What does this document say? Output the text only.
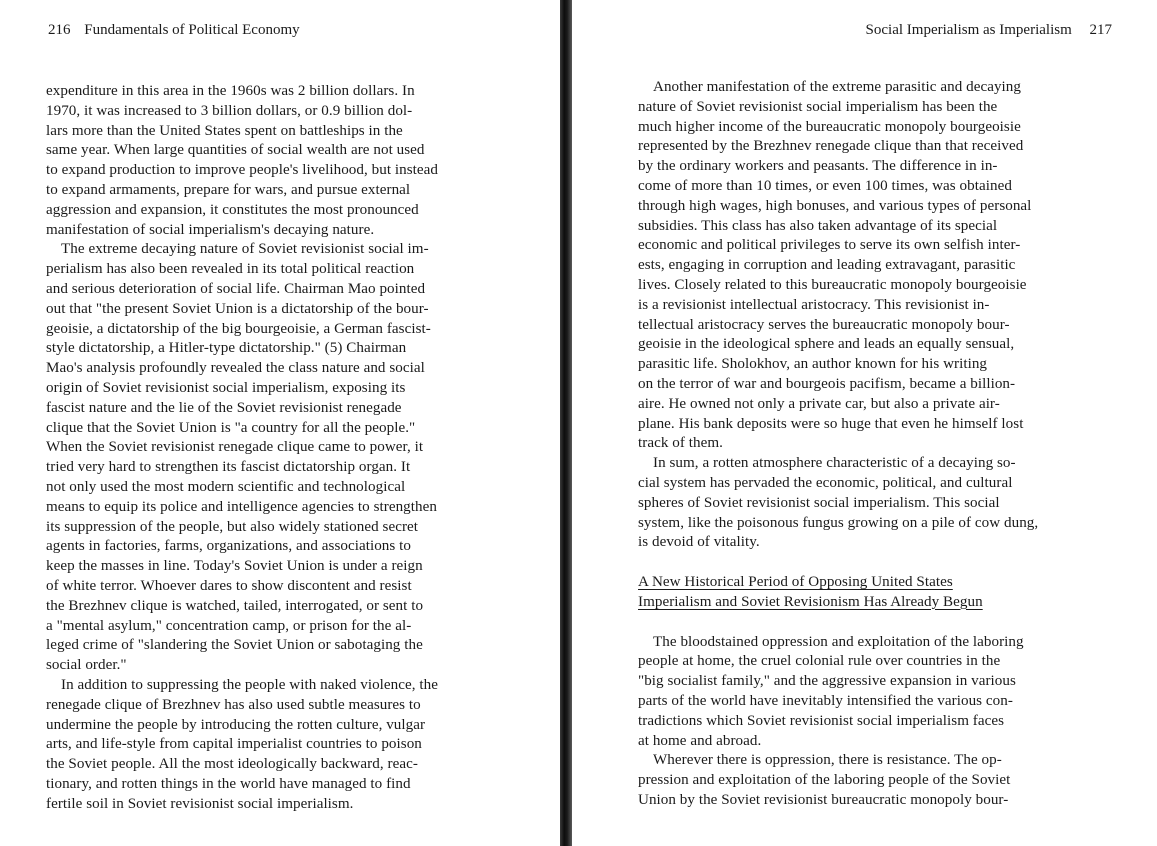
216 Fundamentals of Political Economy
expenditure in this area in the 1960s was 2 billion dollars. In
1970, it was increased to 3 billion dollars, or 0.9 billion dol-
lars more than the United States spent on battleships in the
same year. When large quantities of social wealth are not used
to expand production to improve people's livelihood, but instead
to expand armaments, prepare for wars, and pursue external
aggression and expansion, it constitutes the most pronounced
manifestation of social imperialism's decaying nature.
The extreme decaying nature of Soviet revisionist social im-
perialism has also been revealed in its total political reaction
and serious deterioration of social life. Chairman Mao pointed
out that "the present Soviet Union is a dictatorship of the bour-
geoisie, a dictatorship of the big bourgeoisie, a German fascist-
style dictatorship, a Hitler-type dictatorship." (5) Chairman
Mao's analysis profoundly revealed the class nature and social
origin of Soviet revisionist social imperialism, exposing its
fascist nature and the lie of the Soviet revisionist renegade
clique that the Soviet Union is "a country for all the people."
When the Soviet revisionist renegade clique came to power, it
tried very hard to strengthen its fascist dictatorship organ. It
not only used the most modern scientific and technological
means to equip its police and intelligence agencies to strengthen
its suppression of the people, but also widely stationed secret
agents in factories, farms, organizations, and associations to
keep the masses in line. Today's Soviet Union is under a reign
of white terror. Whoever dares to show discontent and resist
the Brezhnev clique is watched, tailed, interrogated, or sent to
a "mental asylum," concentration camp, or prison for the al-
leged crime of "slandering the Soviet Union or sabotaging the
social order."
In addition to suppressing the people with naked violence, the
renegade clique of Brezhnev has also used subtle measures to
undermine the people by introducing the rotten culture, vulgar
arts, and life-style from capital imperialist countries to poison
the Soviet people. All the most ideologically backward, reac-
tionary, and rotten things in the world have managed to find
fertile soil in Soviet revisionist social imperialism.
Social Imperialism as Imperialism 217
Another manifestation of the extreme parasitic and decaying
nature of Soviet revisionist social imperialism has been the
much higher income of the bureaucratic monopoly bourgeoisie
represented by the Brezhnev renegade clique than that received
by the ordinary workers and peasants. The difference in in-
come of more than 10 times, or even 100 times, was obtained
through high wages, high bonuses, and various types of personal
subsidies. This class has also taken advantage of its special
economic and political privileges to serve its own selfish inter-
ests, engaging in corruption and leading extravagant, parasitic
lives. Closely related to this bureaucratic monopoly bourgeoisie
is a revisionist intellectual aristocracy. This revisionist in-
tellectual aristocracy serves the bureaucratic monopoly bour-
geoisie in the ideological sphere and leads an equally sensual,
parasitic life. Sholokhov, an author known for his writing
on the terror of war and bourgeois pacifism, became a billion-
aire. He owned not only a private car, but also a private air-
plane. His bank deposits were so huge that even he himself lost
track of them.
In sum, a rotten atmosphere characteristic of a decaying so-
cial system has pervaded the economic, political, and cultural
spheres of Soviet revisionist social imperialism. This social
system, like the poisonous fungus growing on a pile of cow dung,
is devoid of vitality.
A New Historical Period of Opposing United States
Imperialism and Soviet Revisionism Has Already Begun
The bloodstained oppression and exploitation of the laboring
people at home, the cruel colonial rule over countries in the
"big socialist family," and the aggressive expansion in various
parts of the world have inevitably intensified the various con-
tradictions which Soviet revisionist social imperialism faces
at home and abroad.
Wherever there is oppression, there is resistance. The op-
pression and exploitation of the laboring people of the Soviet
Union by the Soviet revisionist bureaucratic monopoly bour-
